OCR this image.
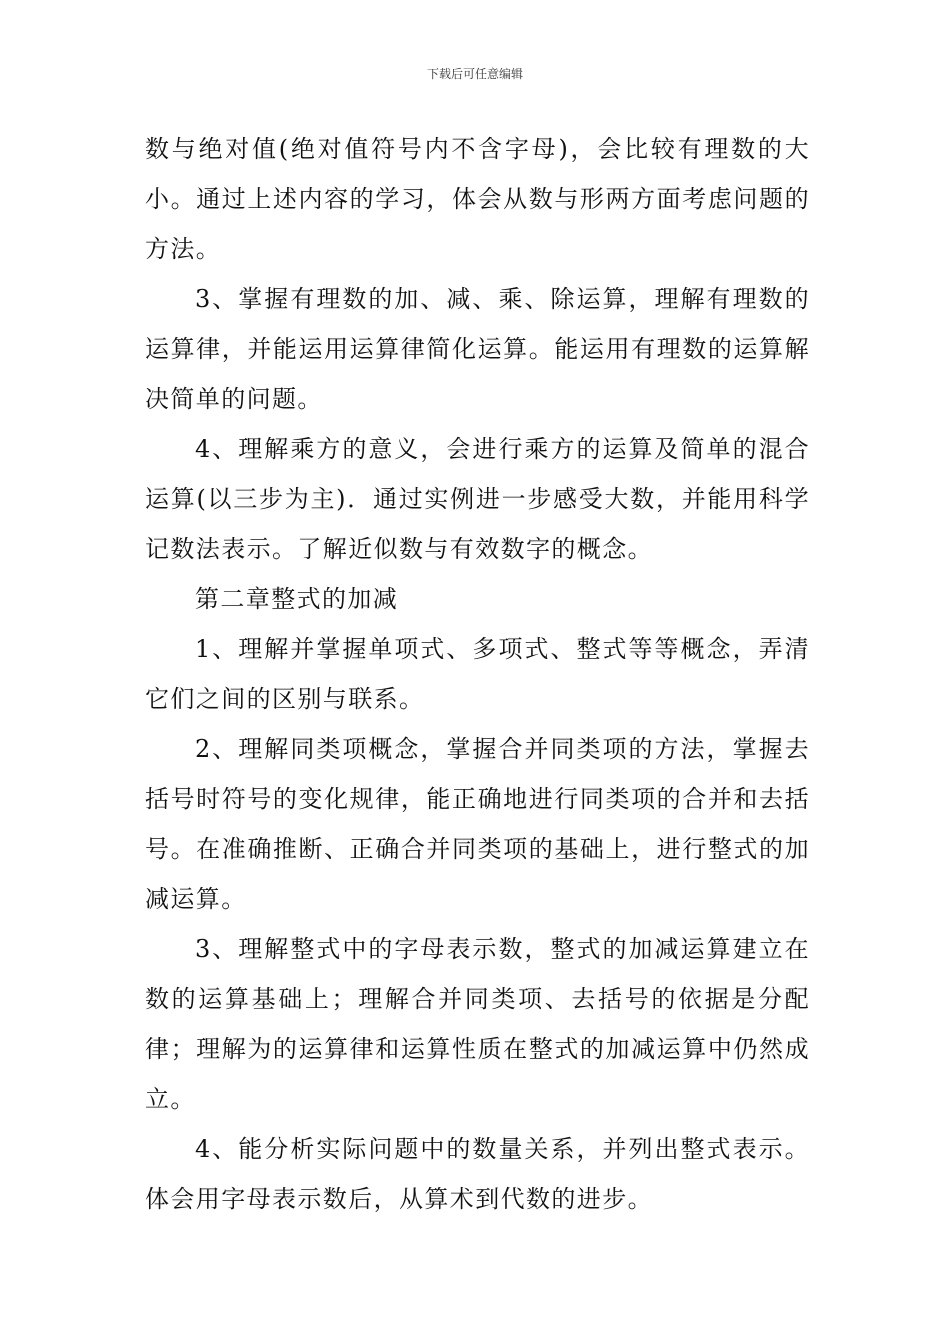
下载后可任意编辑

数与绝对值(绝对值符号内不含字母)，会比较有理数的大小。通过上述内容的学习，体会从数与形两方面考虑问题的方法。

3、掌握有理数的加、减、乘、除运算，理解有理数的运算律，并能运用运算律简化运算。能运用有理数的运算解决简单的问题。

4、理解乘方的意义，会进行乘方的运算及简单的混合运算(以三步为主)．通过实例进一步感受大数，并能用科学记数法表示。了解近似数与有效数字的概念。

第二章整式的加减

1、理解并掌握单项式、多项式、整式等等概念，弄清它们之间的区别与联系。

2、理解同类项概念，掌握合并同类项的方法，掌握去括号时符号的变化规律，能正确地进行同类项的合并和去括号。在准确推断、正确合并同类项的基础上，进行整式的加减运算。

3、理解整式中的字母表示数，整式的加减运算建立在数的运算基础上；理解合并同类项、去括号的依据是分配律；理解为的运算律和运算性质在整式的加减运算中仍然成立。

4、能分析实际问题中的数量关系，并列出整式表示。体会用字母表示数后，从算术到代数的进步。
